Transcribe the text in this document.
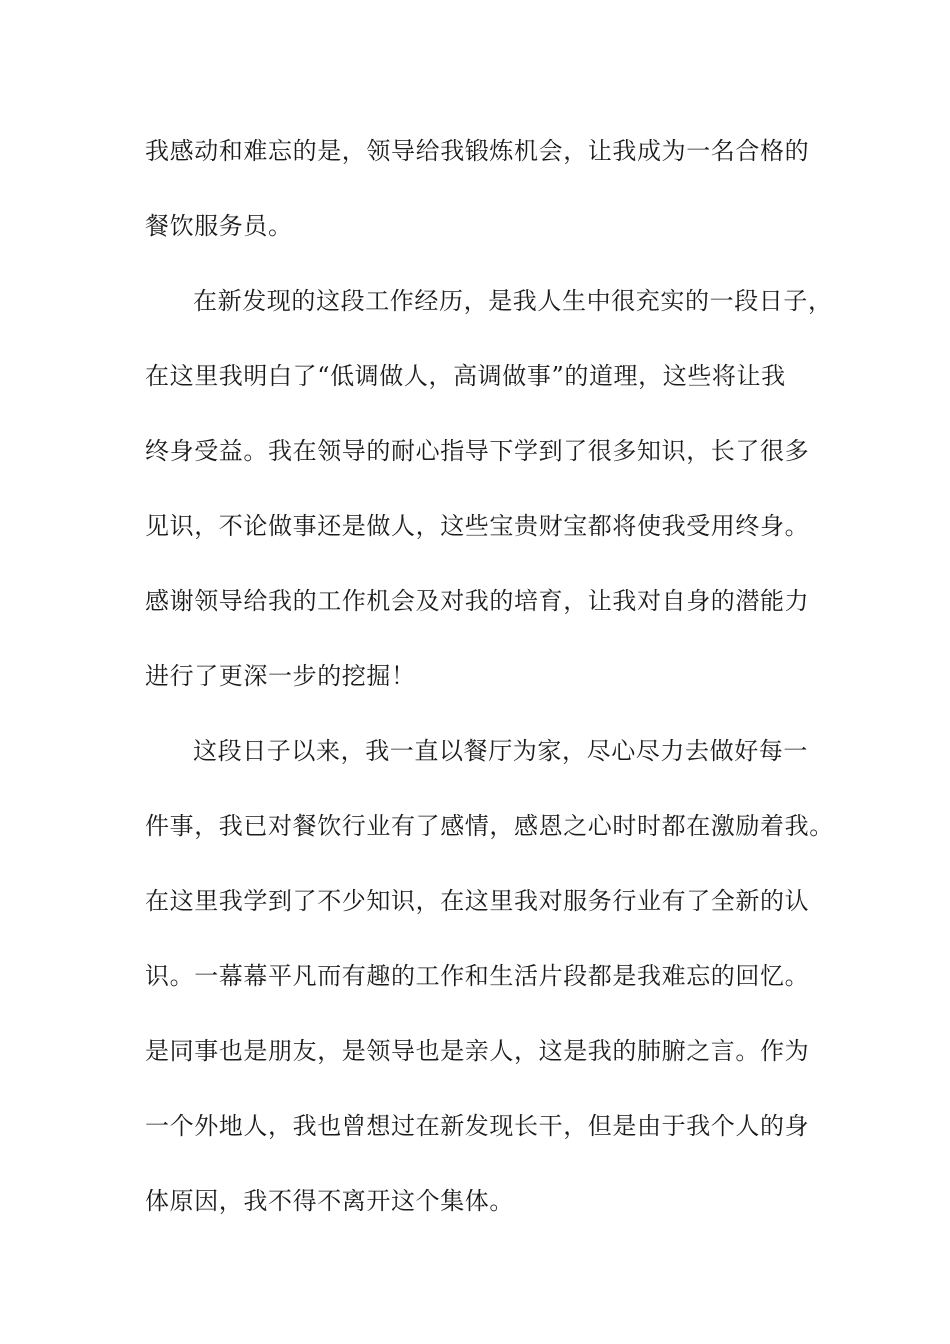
我感动和难忘的是，领导给我锻炼机会，让我成为一名合格的

餐饮服务员。

在新发现的这段工作经历，是我人生中很充实的一段日子，

在这里我明白了“低调做人，高调做事”的道理，这些将让我

终身受益。我在领导的耐心指导下学到了很多知识，长了很多

见识，不论做事还是做人，这些宝贵财宝都将使我受用终身。

感谢领导给我的工作机会及对我的培育，让我对自身的潜能力

进行了更深一步的挖掘！

这段日子以来，我一直以餐厅为家，尽心尽力去做好每一

件事，我已对餐饮行业有了感情，感恩之心时时都在激励着我。

在这里我学到了不少知识，在这里我对服务行业有了全新的认

识。一幕幕平凡而有趣的工作和生活片段都是我难忘的回忆。

是同事也是朋友，是领导也是亲人，这是我的肺腑之言。作为

一个外地人，我也曾想过在新发现长干，但是由于我个人的身

体原因，我不得不离开这个集体。
